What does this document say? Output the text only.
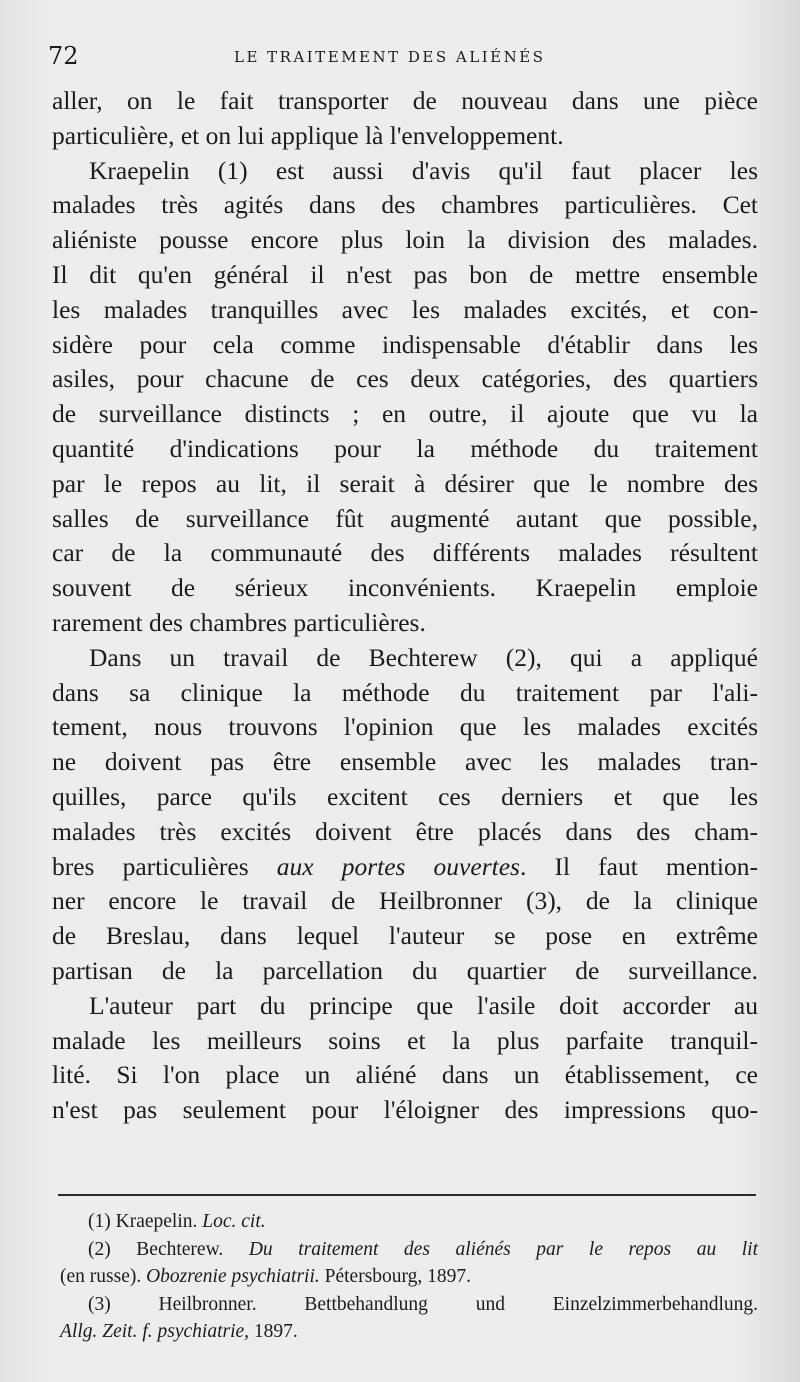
72	LE TRAITEMENT DES ALIÉNÉS
aller, on le fait transporter de nouveau dans une pièce
particulière, et on lui applique là l'enveloppement.
Kraepelin (1) est aussi d'avis qu'il faut placer les
malades très agités dans des chambres particulières. Cet
aliéniste pousse encore plus loin la division des malades.
Il dit qu'en général il n'est pas bon de mettre ensemble
les malades tranquilles avec les malades excités, et con-
sidère pour cela comme indispensable d'établir dans les
asiles, pour chacune de ces deux catégories, des quartiers
de surveillance distincts ; en outre, il ajoute que vu la
quantité d'indications pour la méthode du traitement
par le repos au lit, il serait à désirer que le nombre des
salles de surveillance fût augmenté autant que possible,
car de la communauté des différents malades résultent
souvent de sérieux inconvénients. Kraepelin emploie
rarement des chambres particulières.
Dans un travail de Bechterew (2), qui a appliqué
dans sa clinique la méthode du traitement par l'ali-
tement, nous trouvons l'opinion que les malades excités
ne doivent pas être ensemble avec les malades tran-
quilles, parce qu'ils excitent ces derniers et que les
malades très excités doivent être placés dans des cham-
bres particulières aux portes ouvertes. Il faut mention-
ner encore le travail de Heilbronner (3), de la clinique
de Breslau, dans lequel l'auteur se pose en extrême
partisan de la parcellation du quartier de surveillance.
L'auteur part du principe que l'asile doit accorder au
malade les meilleurs soins et la plus parfaite tranquil-
lité. Si l'on place un aliéné dans un établissement, ce
n'est pas seulement pour l'éloigner des impressions quo-
(1) Kraepelin. Loc. cit.
(2) Bechterew. Du traitement des aliénés par le repos au lit
(en russe). Obozrenie psychiatrii. Pétersbourg, 1897.
(3) Heilbronner. Bettbehandlung und Einzelzimmerbehandlung.
Allg. Zeit. f. psychiatrie, 1897.
